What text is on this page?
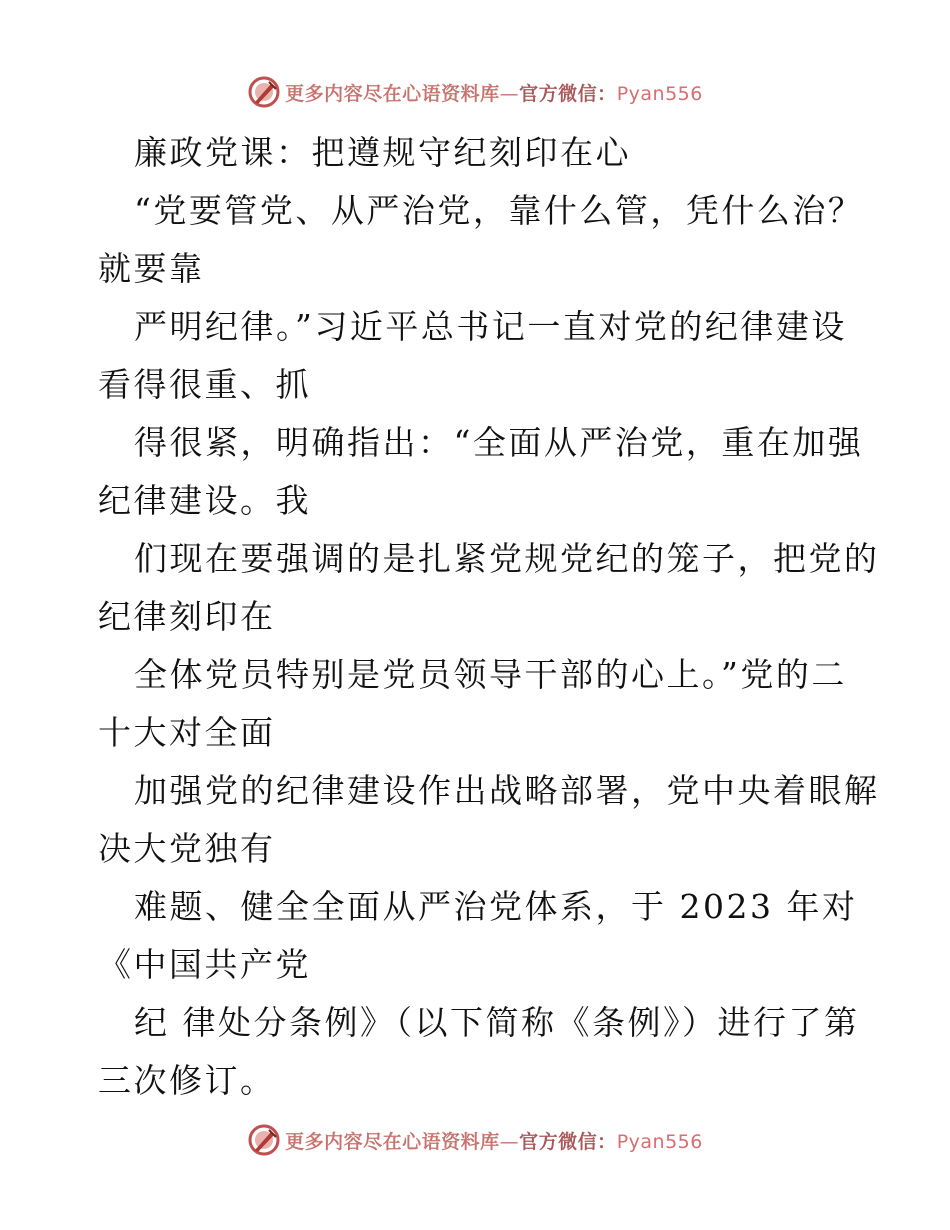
更多内容尽在心语资料库—官方微信：Pyan556
廉政党课：把遵规守纪刻印在心
“党要管党、从严治党，靠什么管，凭什么治？
就要靠
严明纪律。”习近平总书记一直对党的纪律建设
看得很重、抓
得很紧，明确指出：“全面从严治党，重在加强
纪律建设。我
们现在要强调的是扎紧党规党纪的笼子，把党的
纪律刻印在
全体党员特别是党员领导干部的心上。”党的二
十大对全面
加强党的纪律建设作出战略部署，党中央着眼解
决大党独有
难题、健全全面从严治党体系，于 2023 年对
《中国共产党
纪 律处分条例》（以下简称《条例》）进行了第
三次修订。
更多内容尽在心语资料库—官方微信：Pyan556
